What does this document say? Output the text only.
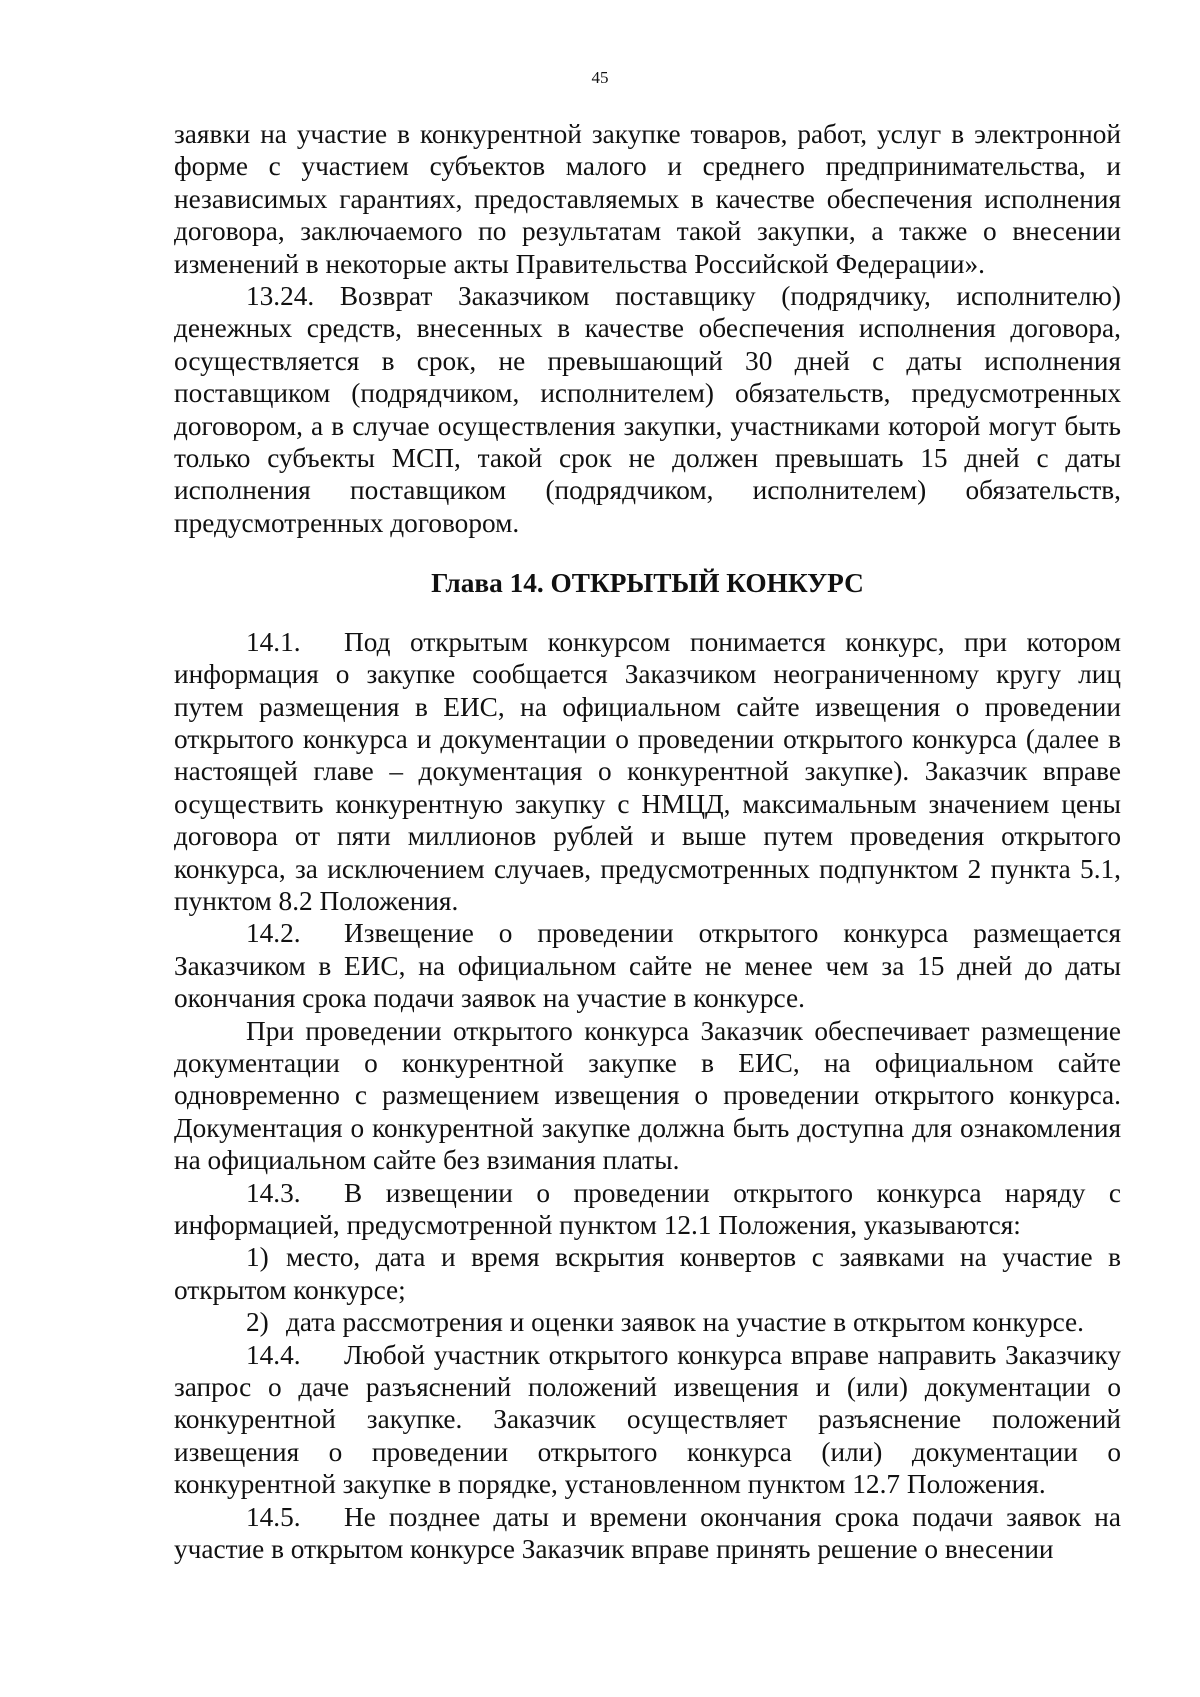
45

заявки на участие в конкурентной закупке товаров, работ, услуг в электронной форме с участием субъектов малого и среднего предпринимательства, и независимых гарантиях, предоставляемых в качестве обеспечения исполнения договора, заключаемого по результатам такой закупки, а также о внесении изменений в некоторые акты Правительства Российской Федерации».

13.24. Возврат Заказчиком поставщику (подрядчику, исполнителю) денежных средств, внесенных в качестве обеспечения исполнения договора, осуществляется в срок, не превышающий 30 дней с даты исполнения поставщиком (подрядчиком, исполнителем) обязательств, предусмотренных договором, а в случае осуществления закупки, участниками которой могут быть только субъекты МСП, такой срок не должен превышать 15 дней с даты исполнения поставщиком (подрядчиком, исполнителем) обязательств, предусмотренных договором.

Глава 14. ОТКРЫТЫЙ КОНКУРС

14.1. Под открытым конкурсом понимается конкурс, при котором информация о закупке сообщается Заказчиком неограниченному кругу лиц путем размещения в ЕИС, на официальном сайте извещения о проведении открытого конкурса и документации о проведении открытого конкурса (далее в настоящей главе – документация о конкурентной закупке). Заказчик вправе осуществить конкурентную закупку с НМЦД, максимальным значением цены договора от пяти миллионов рублей и выше путем проведения открытого конкурса, за исключением случаев, предусмотренных подпунктом 2 пункта 5.1, пунктом 8.2 Положения.

14.2. Извещение о проведении открытого конкурса размещается Заказчиком в ЕИС, на официальном сайте не менее чем за 15 дней до даты окончания срока подачи заявок на участие в конкурсе.

При проведении открытого конкурса Заказчик обеспечивает размещение документации о конкурентной закупке в ЕИС, на официальном сайте одновременно с размещением извещения о проведении открытого конкурса. Документация о конкурентной закупке должна быть доступна для ознакомления на официальном сайте без взимания платы.

14.3. В извещении о проведении открытого конкурса наряду с информацией, предусмотренной пунктом 12.1 Положения, указываются:

1) место, дата и время вскрытия конвертов с заявками на участие в открытом конкурсе;

2) дата рассмотрения и оценки заявок на участие в открытом конкурсе.

14.4. Любой участник открытого конкурса вправе направить Заказчику запрос о даче разъяснений положений извещения и (или) документации о конкурентной закупке. Заказчик осуществляет разъяснение положений извещения о проведении открытого конкурса (или) документации о конкурентной закупке в порядке, установленном пунктом 12.7 Положения.

14.5. Не позднее даты и времени окончания срока подачи заявок на участие в открытом конкурсе Заказчик вправе принять решение о внесении
